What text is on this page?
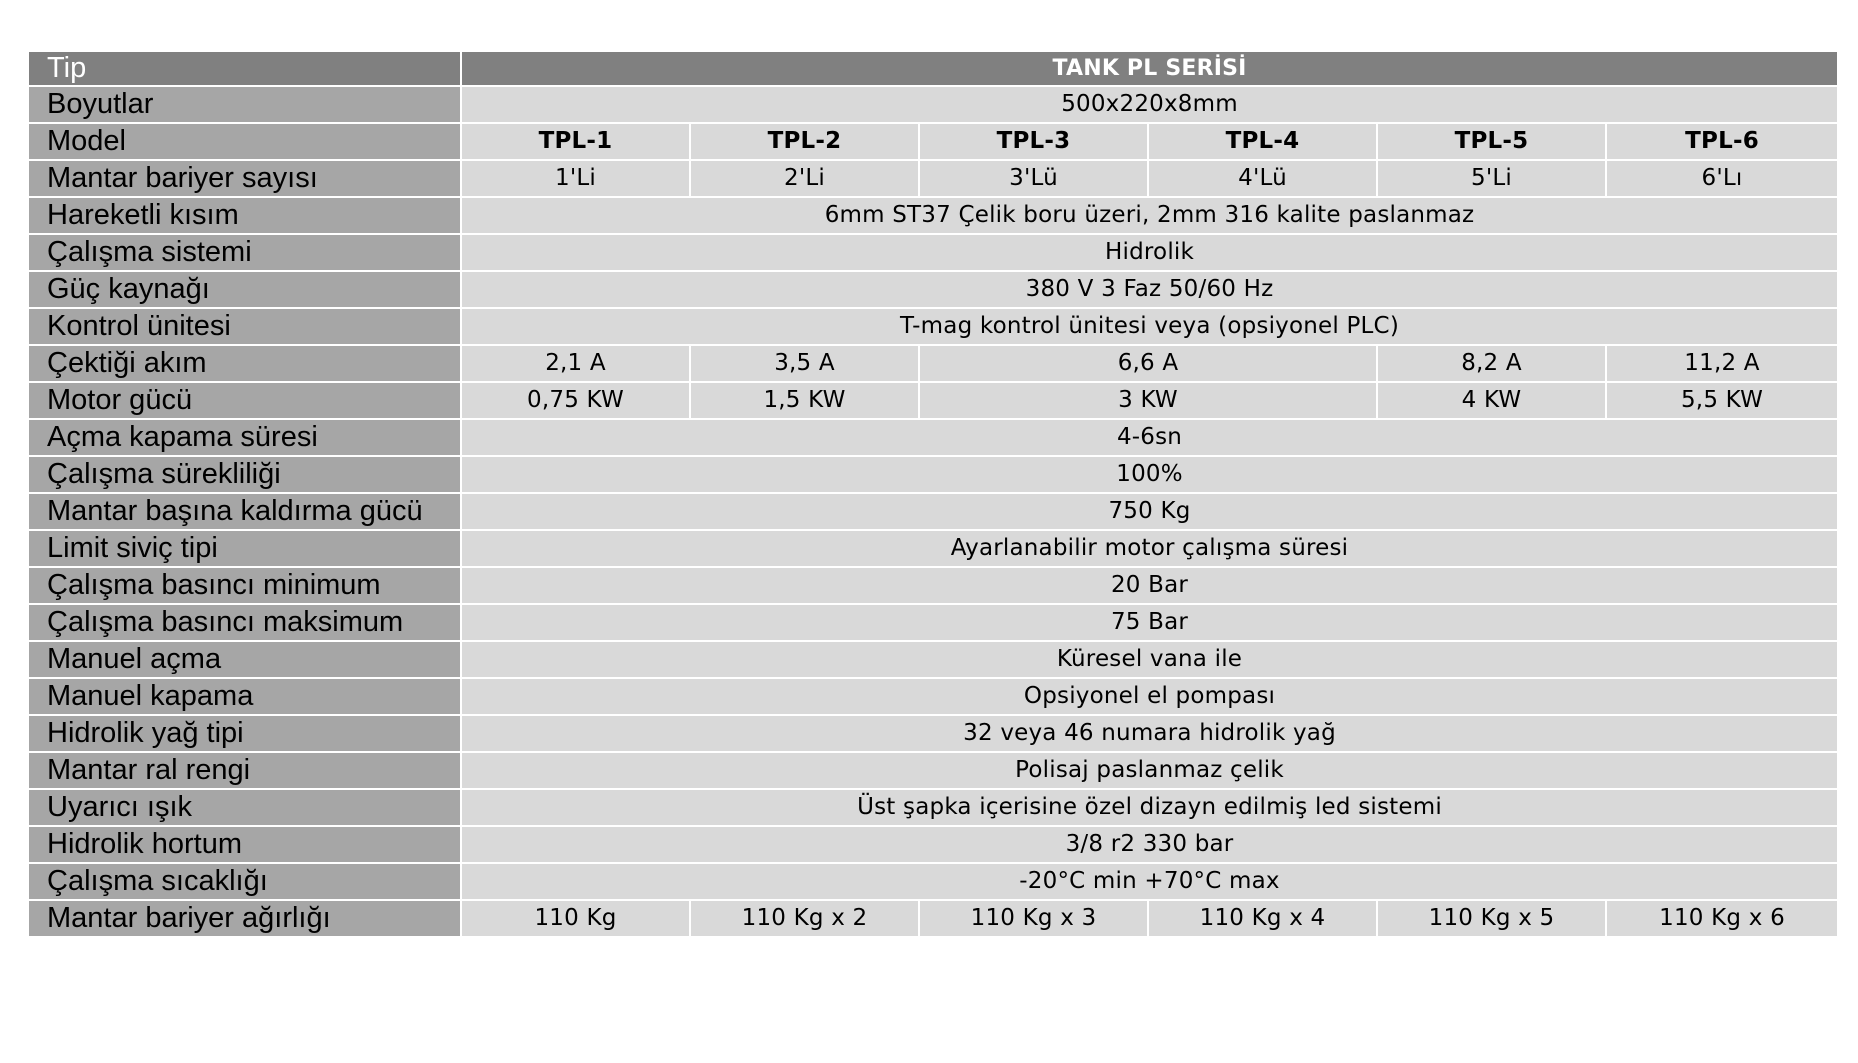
Tip	TANK PL SERİSİ					
Boyutlar	500x220x8mm					
Model	TPL-1	TPL-2	TPL-3	TPL-4	TPL-5	TPL-6
Mantar bariyer sayısı	1'Li	2'Li	3'Lü	4'Lü	5'Li	6'Lı
Hareketli kısım	6mm ST37 Çelik boru üzeri, 2mm 316 kalite paslanmaz					
Çalışma sistemi	Hidrolik					
Güç kaynağı	380 V 3 Faz 50/60 Hz					
Kontrol ünitesi	T-mag kontrol ünitesi veya (opsiyonel PLC)					
Çektiği akım	2,1 A	3,5 A	6,6 A		8,2 A	11,2 A
Motor gücü	0,75 KW	1,5 KW	3 KW		4 KW	5,5 KW
Açma kapama süresi	4-6sn					
Çalışma sürekliliği	100%					
Mantar başına kaldırma gücü	750 Kg					
Limit siviç tipi	Ayarlanabilir motor çalışma süresi					
Çalışma basıncı minimum	20 Bar					
Çalışma basıncı maksimum	75 Bar					
Manuel açma	Küresel vana ile					
Manuel kapama	Opsiyonel el pompası					
Hidrolik yağ tipi	32 veya 46 numara hidrolik yağ					
Mantar ral rengi	Polisaj paslanmaz çelik					
Uyarıcı ışık	Üst şapka içerisine özel dizayn edilmiş led sistemi					
Hidrolik hortum	3/8 r2 330 bar					
Çalışma sıcaklığı	-20°C min +70°C max					
Mantar bariyer ağırlığı	110 Kg	110 Kg x 2	110 Kg x 3	110 Kg x 4	110 Kg x 5	110 Kg x 6
